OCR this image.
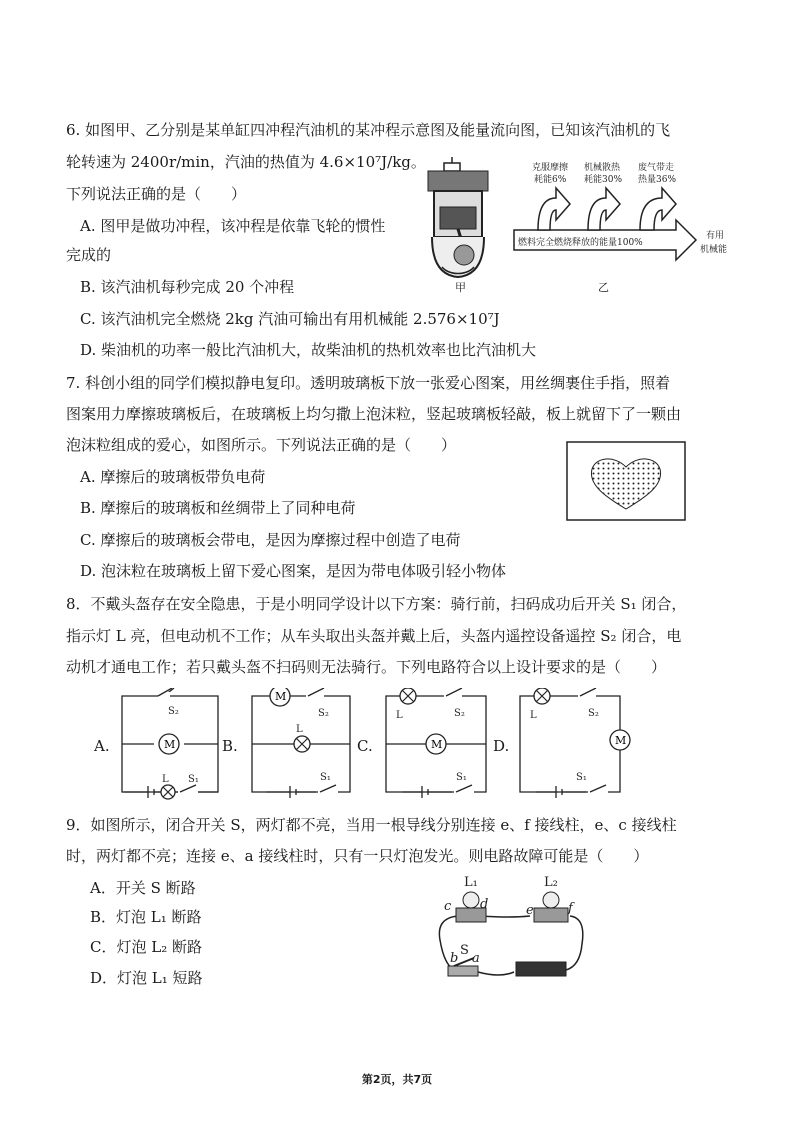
6. 如图甲、乙分别是某单缸四冲程汽油机的某冲程示意图及能量流向图，已知该汽油机的飞
轮转速为 2400r/min，汽油的热值为 4.6×10⁷J/kg。
下列说法正确的是（　　）
A. 图甲是做功冲程，该冲程是依靠飞轮的惯性
完成的
B. 该汽油机每秒完成 20 个冲程
C. 该汽油机完全燃烧 2kg 汽油可输出有用机械能 2.576×10⁷J
D. 柴油机的功率一般比汽油机大，故柴油机的热机效率也比汽油机大
甲
克服摩擦
耗能6%
机械散热
耗能30%
废气带走
热量36%
燃料完全燃烧释放的能量100%
有用
机械能
乙
7. 科创小组的同学们模拟静电复印。透明玻璃板下放一张爱心图案，用丝绸裹住手指，照着
图案用力摩擦玻璃板后，在玻璃板上均匀撒上泡沫粒，竖起玻璃板轻敲，板上就留下了一颗由
泡沫粒组成的爱心，如图所示。下列说法正确的是（　　）
A. 摩擦后的玻璃板带负电荷
B. 摩擦后的玻璃板和丝绸带上了同种电荷
C. 摩擦后的玻璃板会带电，是因为摩擦过程中创造了电荷
D. 泡沫粒在玻璃板上留下爱心图案，是因为带电体吸引轻小物体
8．不戴头盔存在安全隐患，于是小明同学设计以下方案：骑行前，扫码成功后开关 S₁ 闭合，
指示灯 L 亮，但电动机不工作；从车头取出头盔并戴上后，头盔内遥控设备遥控 S₂ 闭合，电
动机才通电工作；若只戴头盔不扫码则无法骑行。下列电路符合以上设计要求的是（　　）
A.	M
S₂
L S₁
B.
M
S₂
L
S₁
C.	M
L	S₂
S₁
D.	M
L	S₂
S₁
9．如图所示，闭合开关 S，两灯都不亮，当用一根导线分别连接 e、f 接线柱，e、c 接线柱
时，两灯都不亮；连接 e、a 接线柱时，只有一只灯泡发光。则电路故障可能是（　　）
A．开关 S 断路
B．灯泡 L₁ 断路
C．灯泡 L₂ 断路
D．灯泡 L₁ 短路
L₁	L₂
c d	e	f
S
a
b
第2页，共7页
